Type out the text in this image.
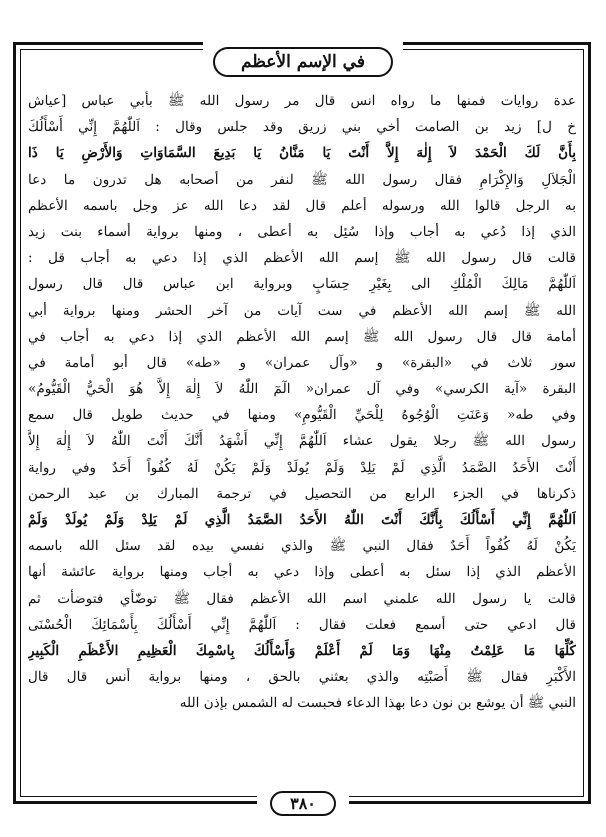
في الإسم الأعظم
عدة روايات فمنها ما رواه انس قال مر رسول الله ﷺ بأبي عباس [عياش
خ ل] زيد بن الصامت أخي بني زريق وقد جلس وقال : اَللّٰهُمَّ إِنِّي أَسْأَلُكَ
بِأَنَّ لَكَ الْحَمْدَ لاَ إِلٰهَ إِلاَّ أَنْتَ يَا مَنَّانُ يَا بَدِيعَ السَّمَاوَاتِ وَالأَرْضِ يَا ذَا
الْجَلاَلِ وَالإِكْرَامِ فقال رسول الله ﷺ لنفر من أصحابه هل تدرون ما دعا
به الرجل قالوا الله ورسوله أعلم قال لقد دعا الله عز وجل باسمه الأعظم
الذي إذا دُعي به أجاب وإذا سُئِل به أعطى ، ومنها برواية أسماء بنت زيد
قالت قال رسول الله ﷺ إسم الله الأعظم الذي إذا دعي به أجاب قل :
اَللّٰهُمَّ مَالِكَ الْمُلْكِ الى بِغَيْرِ حِسَابٍ وبرواية ابن عباس قال قال رسول
الله ﷺ إسم الله الأعظم في ست آيات من آخر الحشر ومنها برواية أبي
أمامة قال قال رسول الله ﷺ إسم الله الأعظم الذي إذا دعي به أجاب في
سور ثلاث في «البقرة» و «وآل عمران» و «طه» قال أبو أمامة في
البقرة «آية الكرسي» وفي آل عمران« الٓمٓ اللّٰهُ لاَ إِلٰهَ إِلاَّ هُوَ الْحَيُّ الْقَيُّومُ»
وفي طه« وَعَنَتِ الْوُجُوهُ لِلْحَيِّ الْقَيُّومِ» ومنها في حديث طويل قال سمع
رسول الله ﷺ رجلا يقول عشاء اَللّٰهُمَّ إِنِّي أَشْهَدُ أَنَّكَ أَنْتَ اللّٰهُ لاَ إِلٰهَ إِلاَّ
أَنْتَ الأَحَدُ الصَّمَدُ الَّذِي لَمْ يَلِدْ وَلَمْ يُولَدْ وَلَمْ يَكُنْ لَهُ كُفُواً أَحَدٌ وفي رواية
ذكرناها في الجزء الرابع من التحصيل في ترجمة المبارك بن عبد الرحمن
اَللّٰهُمَّ إِنِّي أَسْأَلُكَ بِأَنَّكَ أَنْتَ اللّٰهُ الأَحَدُ الصَّمَدُ الَّذِي لَمْ يَلِدْ وَلَمْ يُولَدْ وَلَمْ
يَكُنْ لَهُ كُفُواً أَحَدٌ فقال النبي ﷺ والذي نفسي بيده لقد سئل الله باسمه
الأعظم الذي إذا سئل به أعطى وإذا دعي به أجاب ومنها برواية عائشة أنها
قالت يا رسول الله علمني اسم الله الأعظم فقال ﷺ توضّأي فتوضأت ثم
قال ادعي حتى أسمع فعلت فقال : اَللّٰهُمَّ إِنِّي أَسْأَلُكَ بِأَسْمَائِكَ الْحُسْنَى
كُلِّهَا مَا عَلِمْتُ مِنْهَا وَمَا لَمْ أَعْلَمْ وَأَسْأَلُكَ بِاسْمِكَ الْعَظِيمِ الأَعْظَمِ الْكَبِيرِ
الأَكْبَرِ فقال ﷺ أَصَبْتِه والذي بعثني بالحق ، ومنها برواية أنس قال قال
النبي ﷺ أن يوشع بن نون دعا بهذا الدعاء فحبست له الشمس بإذن الله
٣٨٠
